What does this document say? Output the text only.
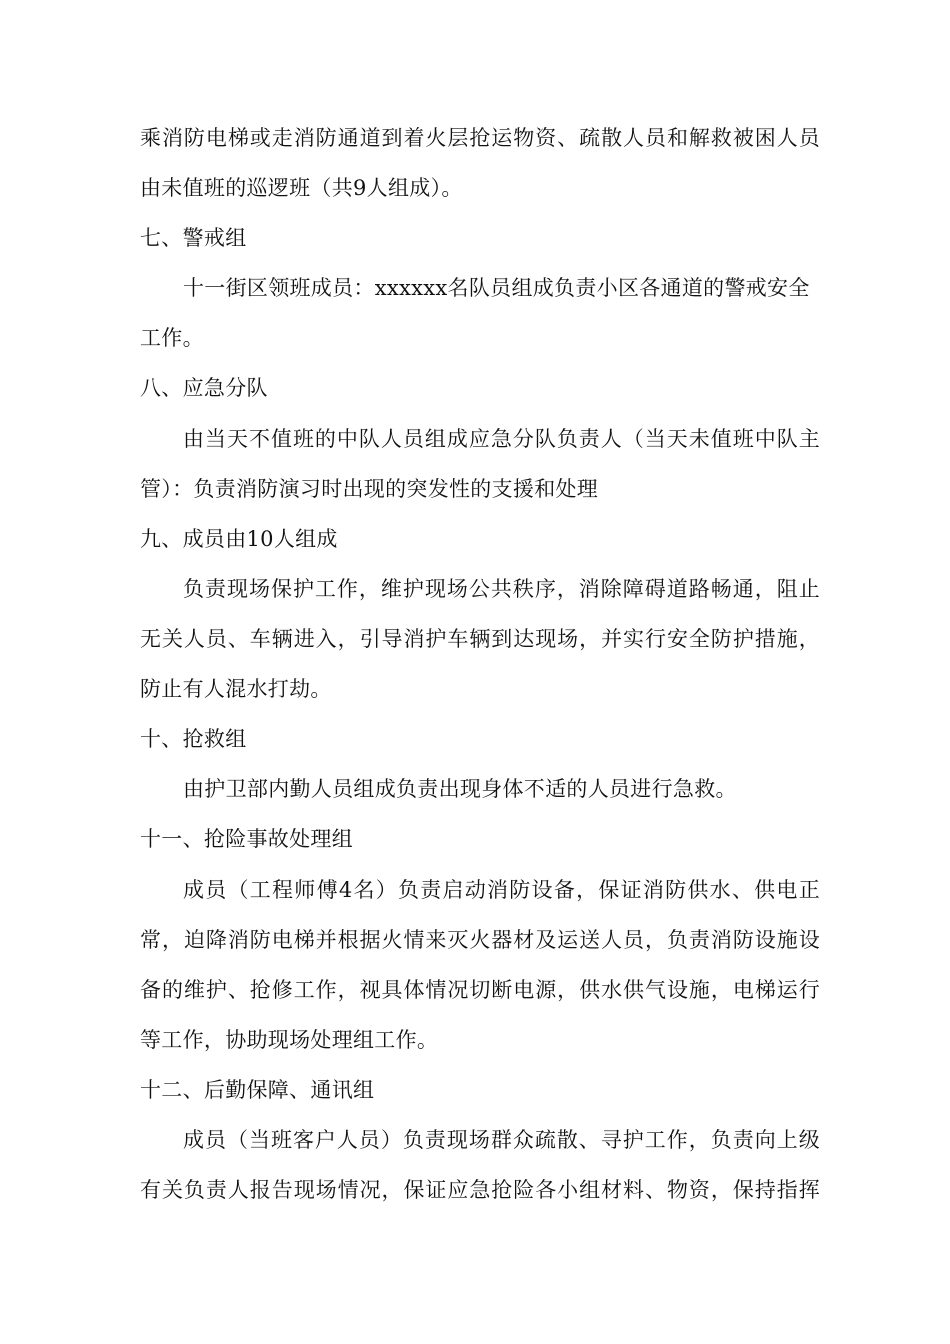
乘消防电梯或走消防通道到着火层抢运物资、疏散人员和解救被困人员
由未值班的巡逻班（共9人组成）。
七、警戒组
十一街区领班成员：xxxxxx名队员组成负责小区各通道的警戒安全
工作。
八、应急分队
由当天不值班的中队人员组成应急分队负责人（当天未值班中队主
管）：负责消防演习时出现的突发性的支援和处理
九、成员由10人组成
负责现场保护工作，维护现场公共秩序，消除障碍道路畅通，阻止
无关人员、车辆进入，引导消护车辆到达现场，并实行安全防护措施，
防止有人混水打劫。
十、抢救组
由护卫部内勤人员组成负责出现身体不适的人员进行急救。
十一、抢险事故处理组
成员（工程师傅4名）负责启动消防设备，保证消防供水、供电正
常，迫降消防电梯并根据火情来灭火器材及运送人员，负责消防设施设
备的维护、抢修工作，视具体情况切断电源，供水供气设施，电梯运行
等工作，协助现场处理组工作。
十二、后勤保障、通讯组
成员（当班客户人员）负责现场群众疏散、寻护工作，负责向上级
有关负责人报告现场情况，保证应急抢险各小组材料、物资，保持指挥
